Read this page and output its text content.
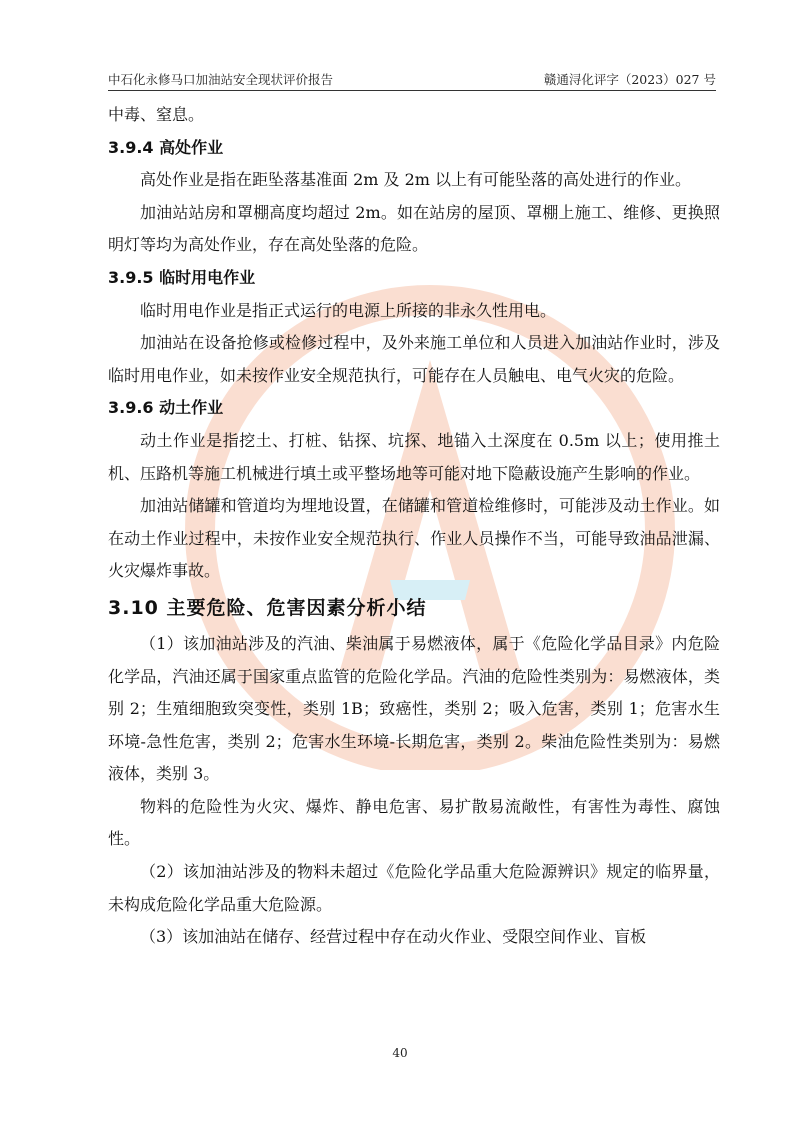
中石化永修马口加油站安全现状评价报告	赣通浔化评字（2023）027 号

中毒、窒息。

3.9.4 高处作业

高处作业是指在距坠落基准面 2m 及 2m 以上有可能坠落的高处进行的作业。

加油站站房和罩棚高度均超过 2m。如在站房的屋顶、罩棚上施工、维修、更换照明灯等均为高处作业，存在高处坠落的危险。

3.9.5 临时用电作业

临时用电作业是指正式运行的电源上所接的非永久性用电。

加油站在设备抢修或检修过程中，及外来施工单位和人员进入加油站作业时，涉及临时用电作业，如未按作业安全规范执行，可能存在人员触电、电气火灾的危险。

3.9.6 动土作业

动土作业是指挖土、打桩、钻探、坑探、地锚入土深度在 0.5m 以上；使用推土机、压路机等施工机械进行填土或平整场地等可能对地下隐蔽设施产生影响的作业。

加油站储罐和管道均为埋地设置，在储罐和管道检维修时，可能涉及动土作业。如在动土作业过程中，未按作业安全规范执行、作业人员操作不当，可能导致油品泄漏、火灾爆炸事故。

3.10 主要危险、危害因素分析小结

（1）该加油站涉及的汽油、柴油属于易燃液体，属于《危险化学品目录》内危险化学品，汽油还属于国家重点监管的危险化学品。汽油的危险性类别为：易燃液体，类别 2；生殖细胞致突变性，类别 1B；致癌性，类别 2；吸入危害，类别 1；危害水生环境-急性危害，类别 2；危害水生环境-长期危害，类别 2。柴油危险性类别为：易燃液体，类别 3。

物料的危险性为火灾、爆炸、静电危害、易扩散易流敞性，有害性为毒性、腐蚀性。

（2）该加油站涉及的物料未超过《危险化学品重大危险源辨识》规定的临界量，未构成危险化学品重大危险源。

（3）该加油站在储存、经营过程中存在动火作业、受限空间作业、盲板

40
